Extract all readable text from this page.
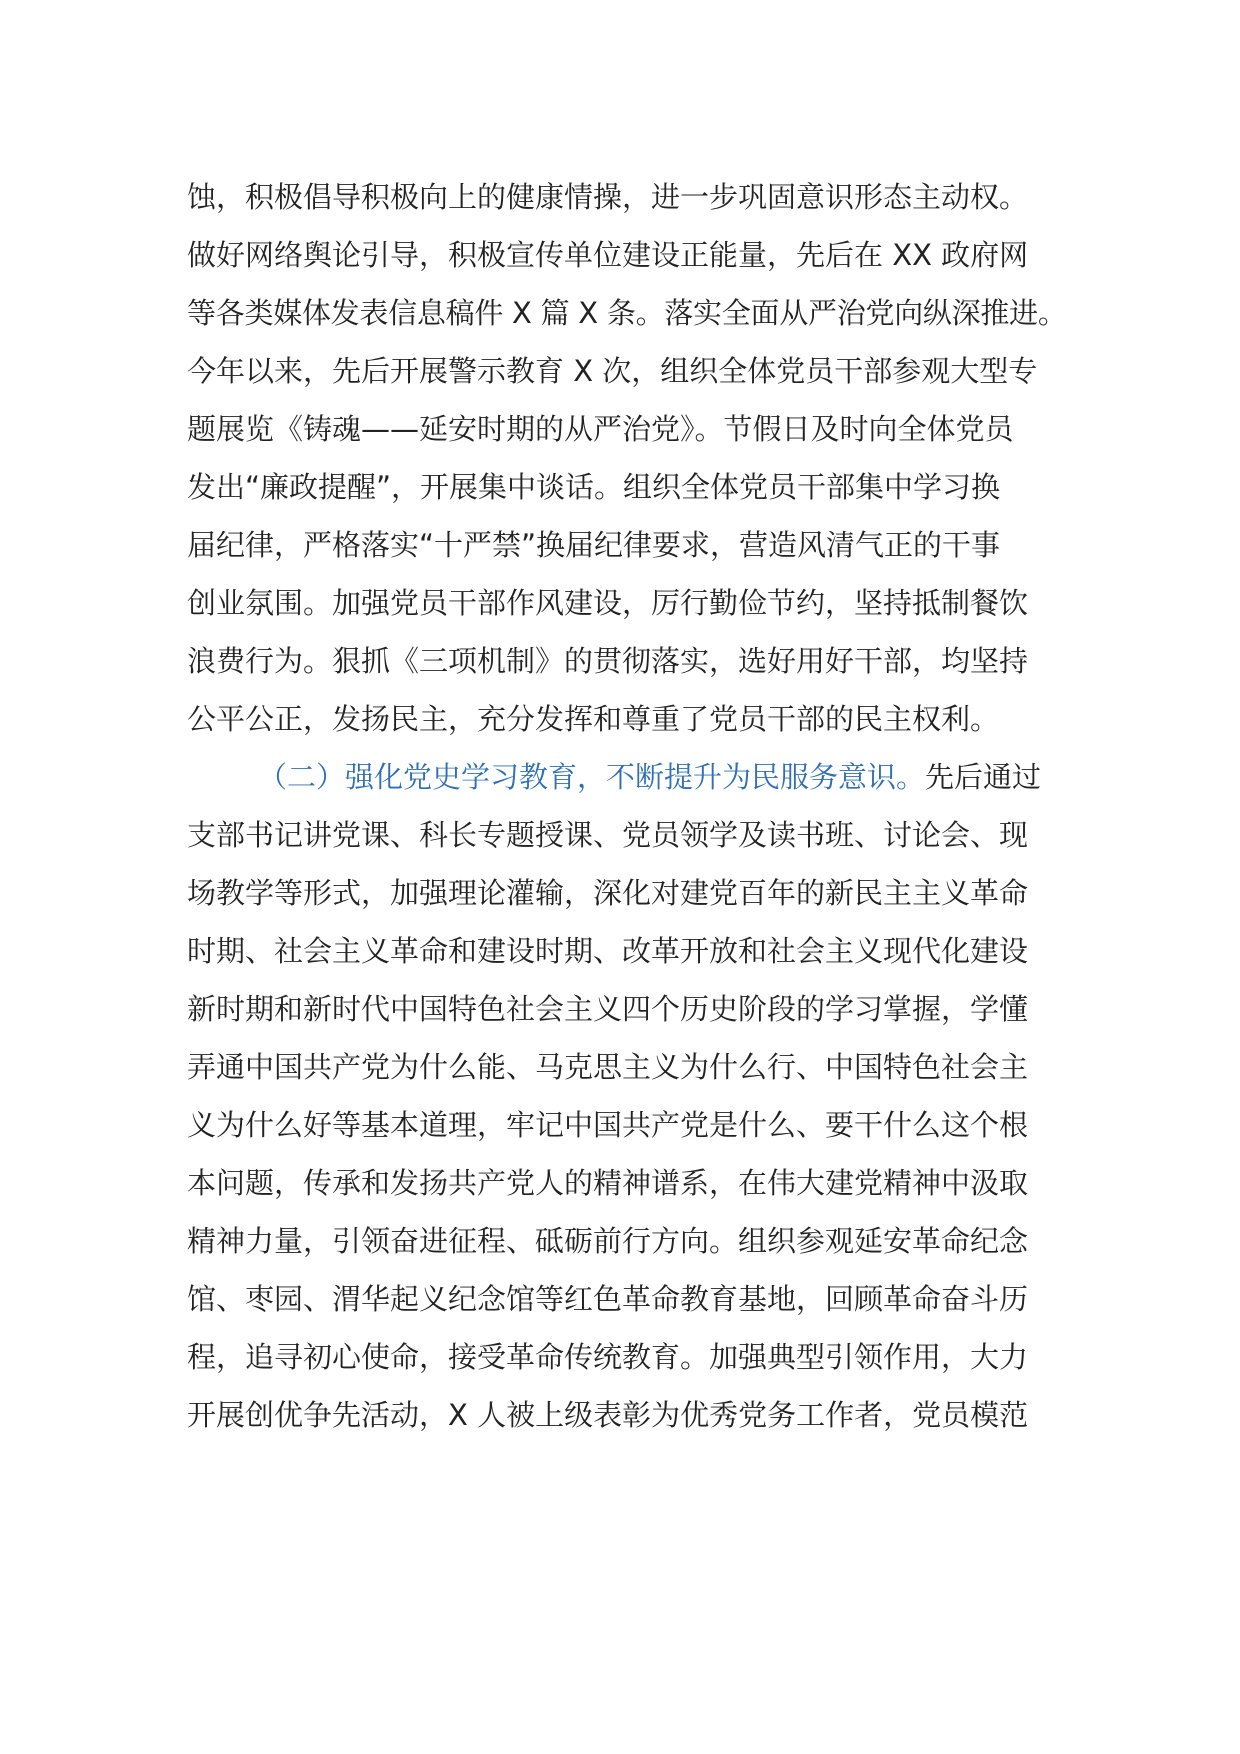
蚀，积极倡导积极向上的健康情操，进一步巩固意识形态主动权。
做好网络舆论引导，积极宣传单位建设正能量，先后在 XX 政府网
等各类媒体发表信息稿件 X 篇 X 条。落实全面从严治党向纵深推进。
今年以来，先后开展警示教育 X 次，组织全体党员干部参观大型专
题展览《铸魂——延安时期的从严治党》。节假日及时向全体党员
发出“廉政提醒”，开展集中谈话。组织全体党员干部集中学习换
届纪律，严格落实“十严禁”换届纪律要求，营造风清气正的干事
创业氛围。加强党员干部作风建设，厉行勤俭节约，坚持抵制餐饮
浪费行为。狠抓《三项机制》的贯彻落实，选好用好干部，均坚持
公平公正，发扬民主，充分发挥和尊重了党员干部的民主权利。
（二）强化党史学习教育，不断提升为民服务意识。先后通过
支部书记讲党课、科长专题授课、党员领学及读书班、讨论会、现
场教学等形式，加强理论灌输，深化对建党百年的新民主主义革命
时期、社会主义革命和建设时期、改革开放和社会主义现代化建设
新时期和新时代中国特色社会主义四个历史阶段的学习掌握，学懂
弄通中国共产党为什么能、马克思主义为什么行、中国特色社会主
义为什么好等基本道理，牢记中国共产党是什么、要干什么这个根
本问题，传承和发扬共产党人的精神谱系，在伟大建党精神中汲取
精神力量，引领奋进征程、砥砺前行方向。组织参观延安革命纪念
馆、枣园、渭华起义纪念馆等红色革命教育基地，回顾革命奋斗历
程，追寻初心使命，接受革命传统教育。加强典型引领作用，大力
开展创优争先活动，X 人被上级表彰为优秀党务工作者，党员模范
